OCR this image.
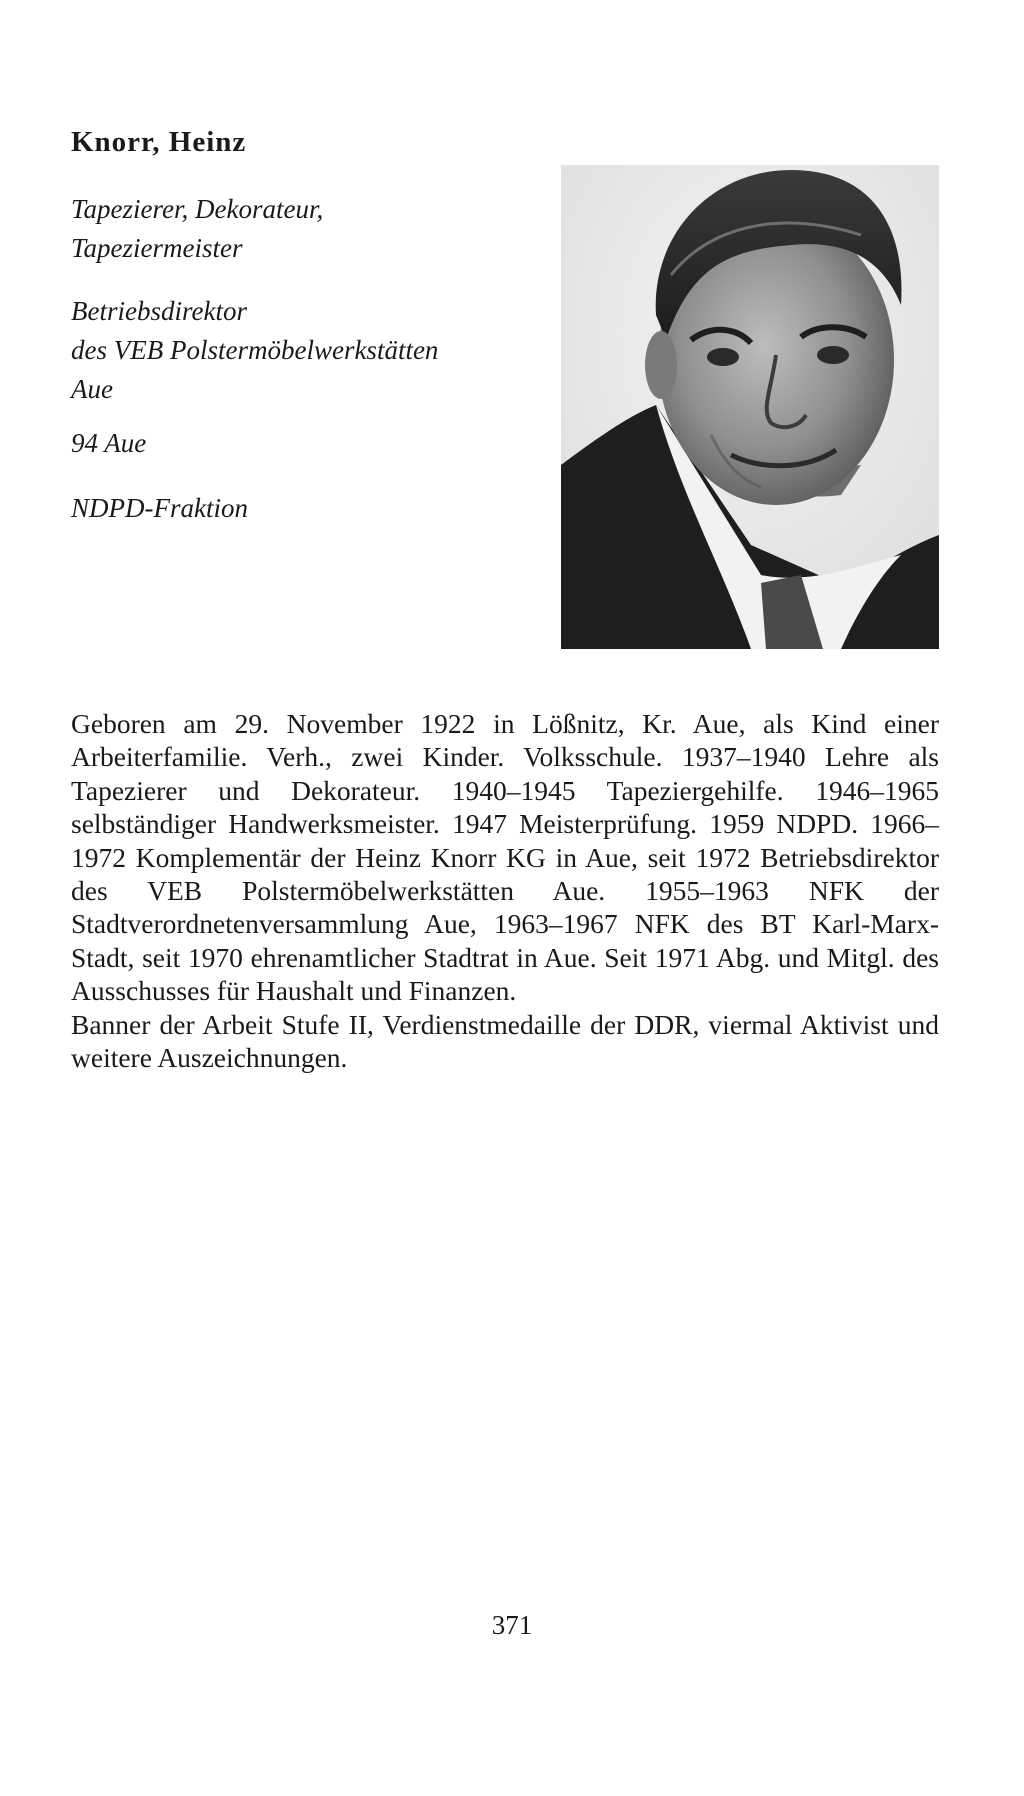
Knorr, Heinz
Tapezierer, Dekorateur,
Tapeziermeister
Betriebsdirektor
des VEB Polstermöbelwerkstätten
Aue
94 Aue
NDPD-Fraktion

Geboren am 29. November 1922 in Lößnitz, Kr. Aue, als Kind einer Arbeiterfamilie. Verh., zwei Kinder. Volksschule. 1937–1940 Lehre als Tapezierer und Dekorateur. 1940–1945 Tapeziergehilfe. 1946–1965 selbständiger Handwerksmeister. 1947 Meisterprüfung. 1959 NDPD. 1966–1972 Komplementär der Heinz Knorr KG in Aue, seit 1972 Betriebsdirektor des VEB Polstermöbelwerkstätten Aue. 1955–1963 NFK der Stadtverordnetenversammlung Aue, 1963–1967 NFK des BT Karl-Marx-Stadt, seit 1970 ehrenamtlicher Stadtrat in Aue. Seit 1971 Abg. und Mitgl. des Ausschusses für Haushalt und Finanzen.

Banner der Arbeit Stufe II, Verdienstmedaille der DDR, viermal Aktivist und weitere Auszeichnungen.

371
